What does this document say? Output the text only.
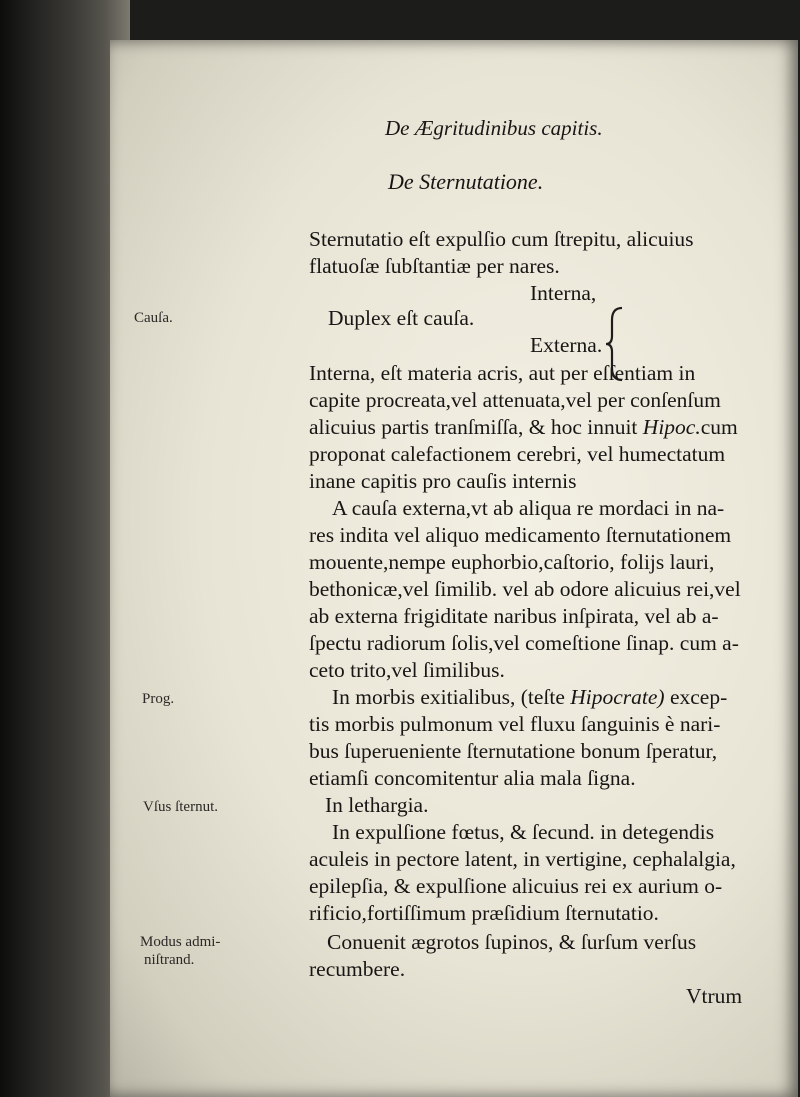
De Ægritudinibus capitis.
De Sternutatione.
Sternutatio eſt expulſio cum ſtrepitu, alicuius
flatuoſæ ſubſtantiæ per nares.
Interna,
Duplex eſt cauſa.
Externa.
Interna, eſt materia acris, aut per eſſentiam in
capite procreata,vel attenuata,vel per conſenſum
alicuius partis tranſmiſſa, & hoc innuit Hipoc.cum
proponat calefactionem cerebri, vel humectatum
inane capitis pro cauſis internis
A cauſa externa,vt ab aliqua re mordaci in na-
res indita vel aliquo medicamento ſternutationem
mouente,nempe euphorbio,caſtorio, folijs lauri,
bethonicæ,vel ſimilib. vel ab odore alicuius rei,vel
ab externa frigiditate naribus inſpirata, vel ab a-
ſpectu radiorum ſolis,vel comeſtione ſinap. cum a-
ceto trito,vel ſimilibus.
In morbis exitialibus, (teſte Hipocrate) excep-
tis morbis pulmonum vel fluxu ſanguinis è nari-
bus ſuperueniente ſternutatione bonum ſperatur,
etiamſi concomitentur alia mala ſigna.
In lethargia.
In expulſione fœtus, & ſecund. in detegendis
aculeis in pectore latent, in vertigine, cephalalgia,
epilepſia, & expulſione alicuius rei ex aurium o-
rificio,fortiſſimum præſidium ſternutatio.
Conuenit ægrotos ſupinos, & ſurſum verſus
recumbere.
Vtrum
Cauſa.
Prog.
Vſus ſternut.
Modus admi-
niſtrand.
